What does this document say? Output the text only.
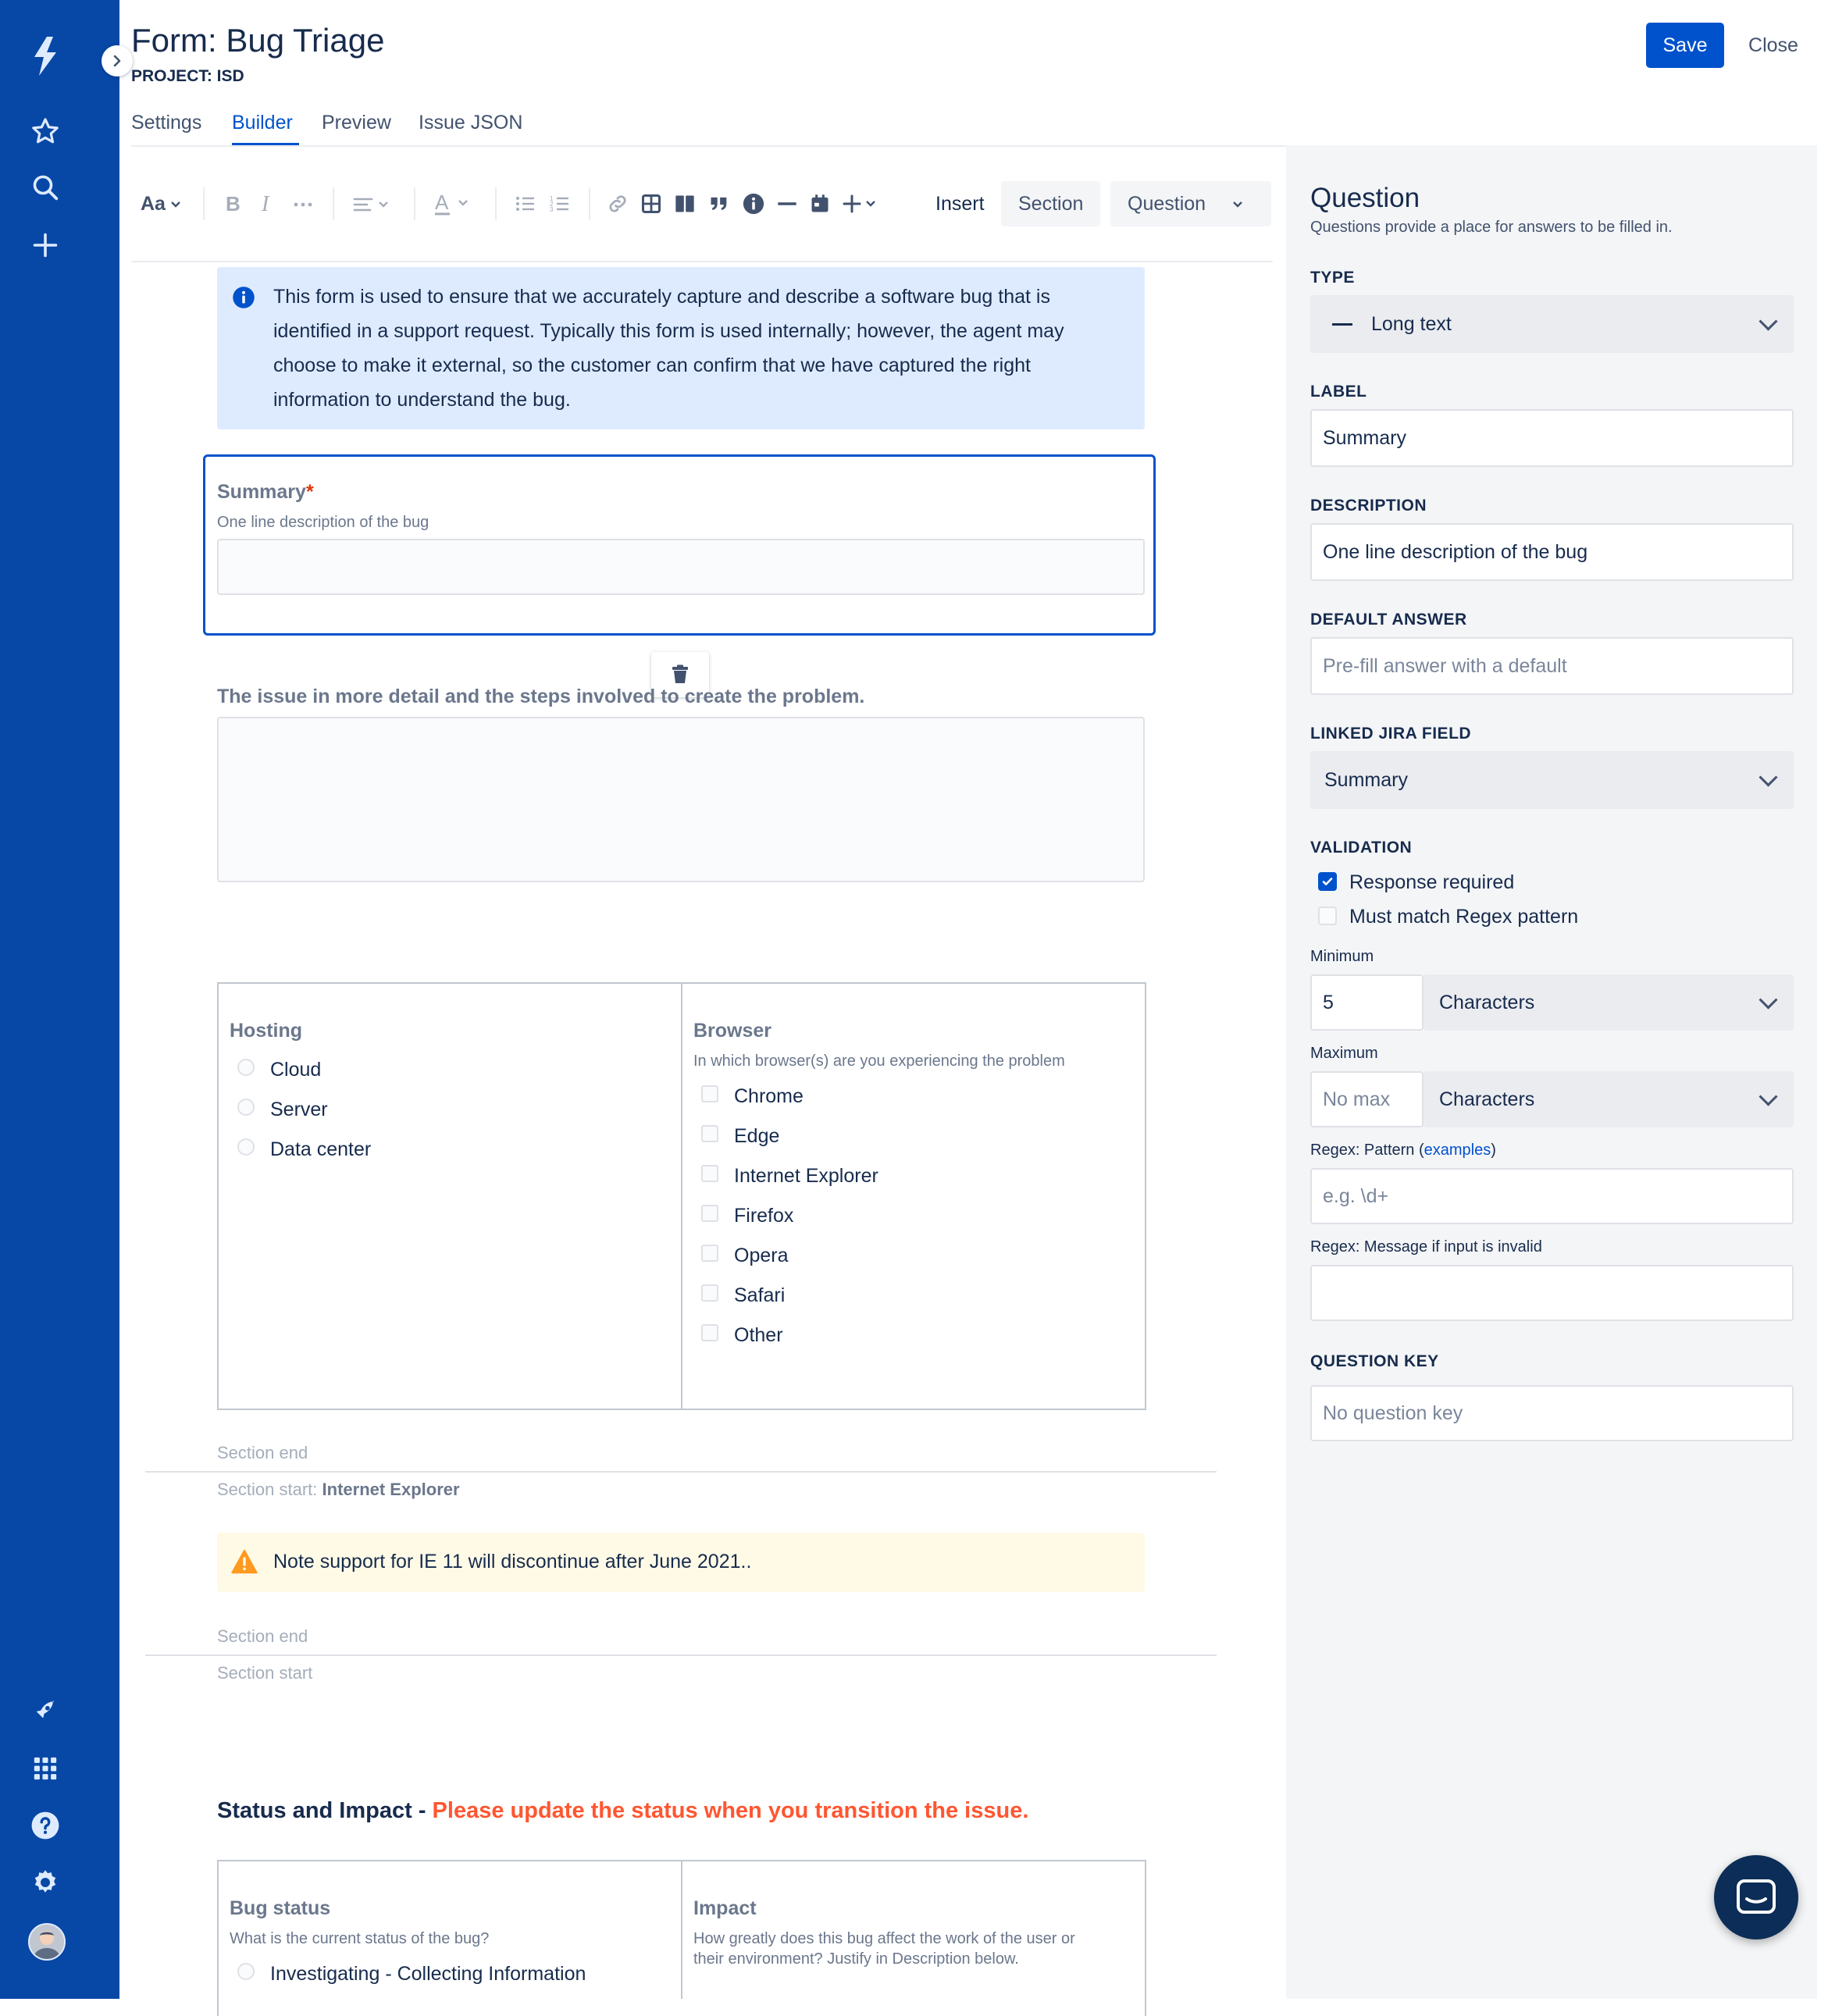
Form: Bug Triage
PROJECT: ISD
Save	Close
Settings Builder Preview Issue JSON
Aa	B I	A	1
2
3	Insert	Section	Question
This form is used to ensure that we accurately capture and describe a software bug that is identified in a support request. Typically this form is used internally; however, the agent may choose to make it external, so the customer can confirm that we have captured the right information to understand the bug.
Summary*
One line description of the bug
The issue in more detail and the steps involved to create the problem.
Hosting
Cloud
Server
Data center
Browser
In which browser(s) are you experiencing the problem
Chrome
Edge
Internet Explorer
Firefox
Opera
Safari
Other
Section end
Section start: Internet Explorer
Note support for IE 11 will discontinue after June 2021..
Section end
Section start
Status and Impact - Please update the status when you transition the issue.
Bug status
What is the current status of the bug?
Investigating - Collecting Information
Impact
How greatly does this bug affect the work of the user or
their environment? Justify in Description below.
Question
Questions provide a place for answers to be filled in.
TYPE
Long text
LABEL
Summary
DESCRIPTION
One line description of the bug
DEFAULT ANSWER
Pre-fill answer with a default
LINKED JIRA FIELD
Summary
VALIDATION
Response required
Must match Regex pattern
Minimum
5	Characters
Maximum
No max	Characters
Regex: Pattern (examples)
e.g. \d+
Regex: Message if input is invalid
QUESTION KEY
No question key
